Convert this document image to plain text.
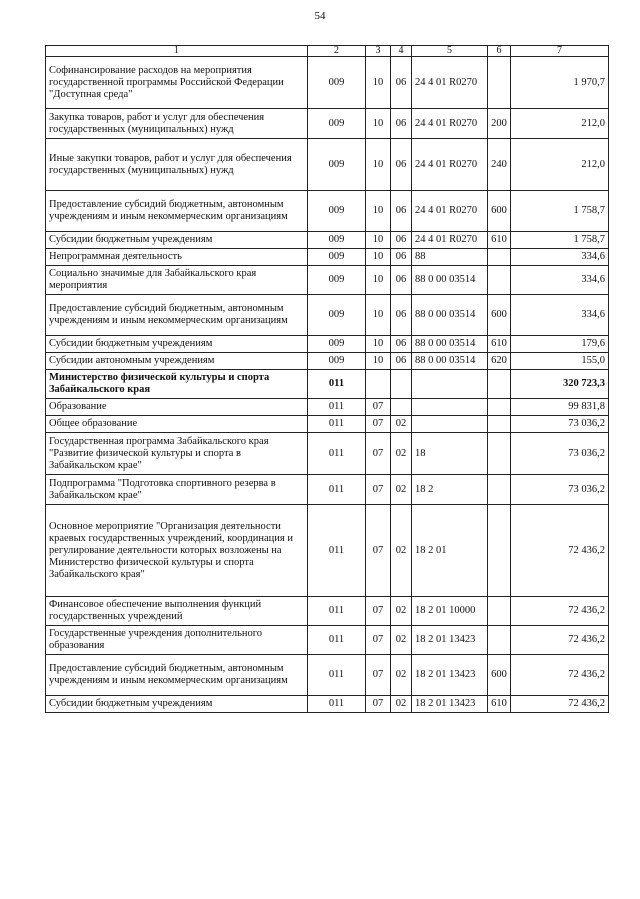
54
1	2	3	4	5	6	7
Софинансирование расходов на мероприятия государственной программы Российской Федерации "Доступная среда"	009	10	06	24 4 01 R0270		1 970,7
Закупка товаров, работ и услуг для обеспечения государственных (муниципальных) нужд	009	10	06	24 4 01 R0270	200	212,0
Иные закупки товаров, работ и услуг для обеспечения государственных (муниципальных) нужд	009	10	06	24 4 01 R0270	240	212,0
Предоставление субсидий бюджетным, автономным учреждениям и иным некоммерческим организациям	009	10	06	24 4 01 R0270	600	1 758,7
Субсидии бюджетным учреждениям	009	10	06	24 4 01 R0270	610	1 758,7
Непрограммная деятельность	009	10	06	88		334,6
Социально значимые для Забайкальского края мероприятия	009	10	06	88 0 00 03514		334,6
Предоставление субсидий бюджетным, автономным учреждениям и иным некоммерческим организациям	009	10	06	88 0 00 03514	600	334,6
Субсидии бюджетным учреждениям	009	10	06	88 0 00 03514	610	179,6
Субсидии автономным учреждениям	009	10	06	88 0 00 03514	620	155,0
Министерство физической культуры и спорта Забайкальского края	011					320 723,3
Образование	011	07				99 831,8
Общее образование	011	07	02			73 036,2
Государственная программа Забайкальского края "Развитие физической культуры и спорта в Забайкальском крае"	011	07	02	18		73 036,2
Подпрограмма "Подготовка спортивного резерва в Забайкальском крае"	011	07	02	18 2		73 036,2
Основное мероприятие "Организация деятельности краевых государственных учреждений, координация и регулирование деятельности которых возложены на Министерство физической культуры и спорта Забайкальского края"	011	07	02	18 2 01		72 436,2
Финансовое обеспечение выполнения функций государственных учреждений	011	07	02	18 2 01 10000		72 436,2
Государственные учреждения дополнительного образования	011	07	02	18 2 01 13423		72 436,2
Предоставление субсидий бюджетным, автономным учреждениям и иным некоммерческим организациям	011	07	02	18 2 01 13423	600	72 436,2
Субсидии бюджетным учреждениям	011	07	02	18 2 01 13423	610	72 436,2
